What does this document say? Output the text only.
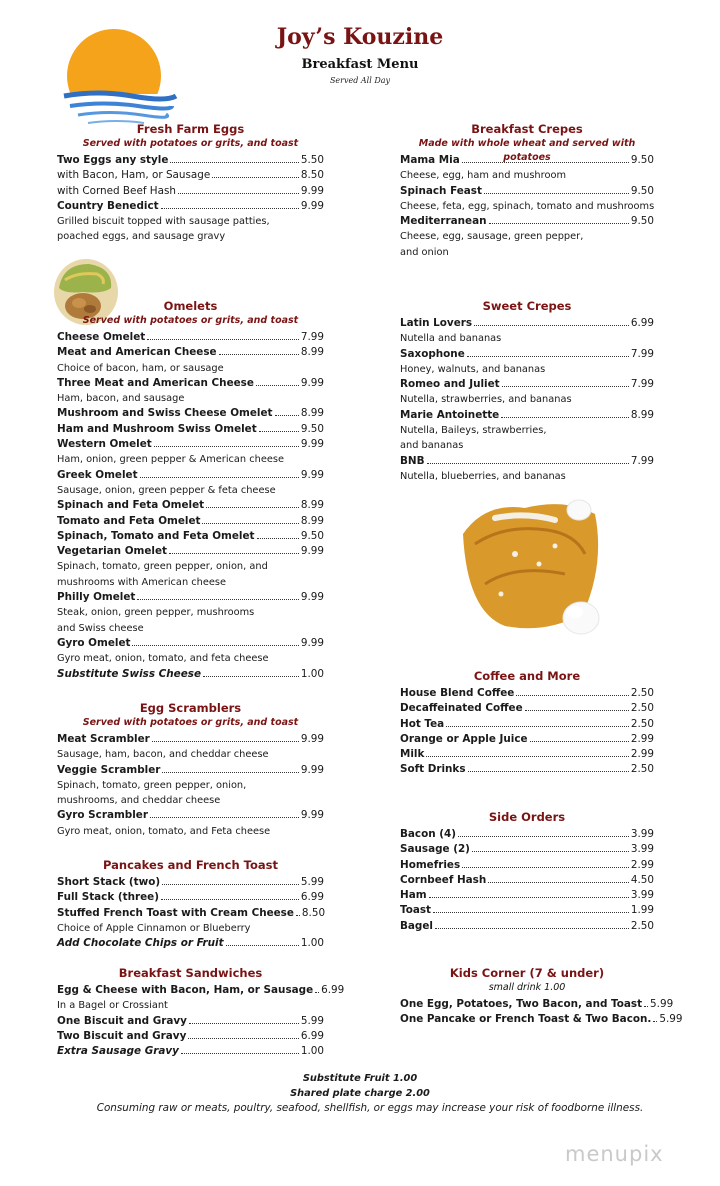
Joy’s Kouzine
Breakfast Menu
Served All Day
Fresh Farm Eggs
Served with potatoes or grits, and toast
Two Eggs any style	5.50
with Bacon, Ham, or Sausage	8.50
with Corned Beef Hash	9.99
Country Benedict	9.99
Grilled biscuit topped with sausage patties,
poached eggs, and sausage gravy
Omelets
Served with potatoes or grits, and toast
Cheese Omelet	7.99
Meat and American Cheese	8.99
Choice of bacon, ham, or sausage
Three Meat and American Cheese	9.99
Ham, bacon, and sausage
Mushroom and Swiss Cheese Omelet	8.99
Ham and Mushroom Swiss Omelet	9.50
Western Omelet	9.99
Ham, onion, green pepper & American cheese
Greek Omelet	9.99
Sausage, onion, green pepper & feta cheese
Spinach and Feta Omelet	8.99
Tomato and Feta Omelet	8.99
Spinach, Tomato and Feta Omelet	9.50
Vegetarian Omelet	9.99
Spinach, tomato, green pepper, onion, and
mushrooms with American cheese
Philly Omelet	9.99
Steak, onion, green pepper, mushrooms
and Swiss cheese
Gyro Omelet	9.99
Gyro meat, onion, tomato, and feta cheese
Substitute Swiss Cheese	1.00
Egg Scramblers
Served with potatoes or grits, and toast
Meat Scrambler	9.99
Sausage, ham, bacon, and cheddar cheese
Veggie Scrambler	9.99
Spinach, tomato, green pepper, onion,
mushrooms, and cheddar cheese
Gyro Scrambler	9.99
Gyro meat, onion, tomato, and Feta cheese
Pancakes and French Toast
Short Stack (two)	5.99
Full Stack (three)	6.99
Stuffed French Toast with Cream Cheese 8.50
Choice of Apple Cinnamon or Blueberry
Add Chocolate Chips or Fruit	1.00
Breakfast Sandwiches
Egg & Cheese with Bacon, Ham, or Sausage 6.99
In a Bagel or Crossiant
One Biscuit and Gravy	5.99
Two Biscuit and Gravy	6.99
Extra Sausage Gravy	1.00
Breakfast Crepes
Made with whole wheat and served with potatoes
Mama Mia	9.50
Cheese, egg, ham and mushroom
Spinach Feast	9.50
Cheese, feta, egg, spinach, tomato and mushrooms
Mediterranean	9.50
Cheese, egg, sausage, green pepper,
and onion
Sweet Crepes
Latin Lovers	6.99
Nutella and bananas
Saxophone	7.99
Honey, walnuts, and bananas
Romeo and Juliet	7.99
Nutella, strawberries, and bananas
Marie Antoinette	8.99
Nutella, Baileys, strawberries,
and bananas
BNB	7.99
Nutella, blueberries, and bananas
Coffee and More
House Blend Coffee	2.50
Decaffeinated Coffee	2.50
Hot Tea	2.50
Orange or Apple Juice	2.99
Milk	2.99
Soft Drinks	2.50
Side Orders
Bacon (4)	3.99
Sausage (2)	3.99
Homefries	2.99
Cornbeef Hash	4.50
Ham	3.99
Toast	1.99
Bagel	2.50
Kids Corner (7 & under)
small drink 1.00
One Egg, Potatoes, Two Bacon, and Toast 5.99
One Pancake or French Toast & Two Bacon. 5.99
Substitute Fruit 1.00
Shared plate charge 2.00
Consuming raw or meats, poultry, seafood, shellfish, or eggs may increase your risk of foodborne illness.
menupix
